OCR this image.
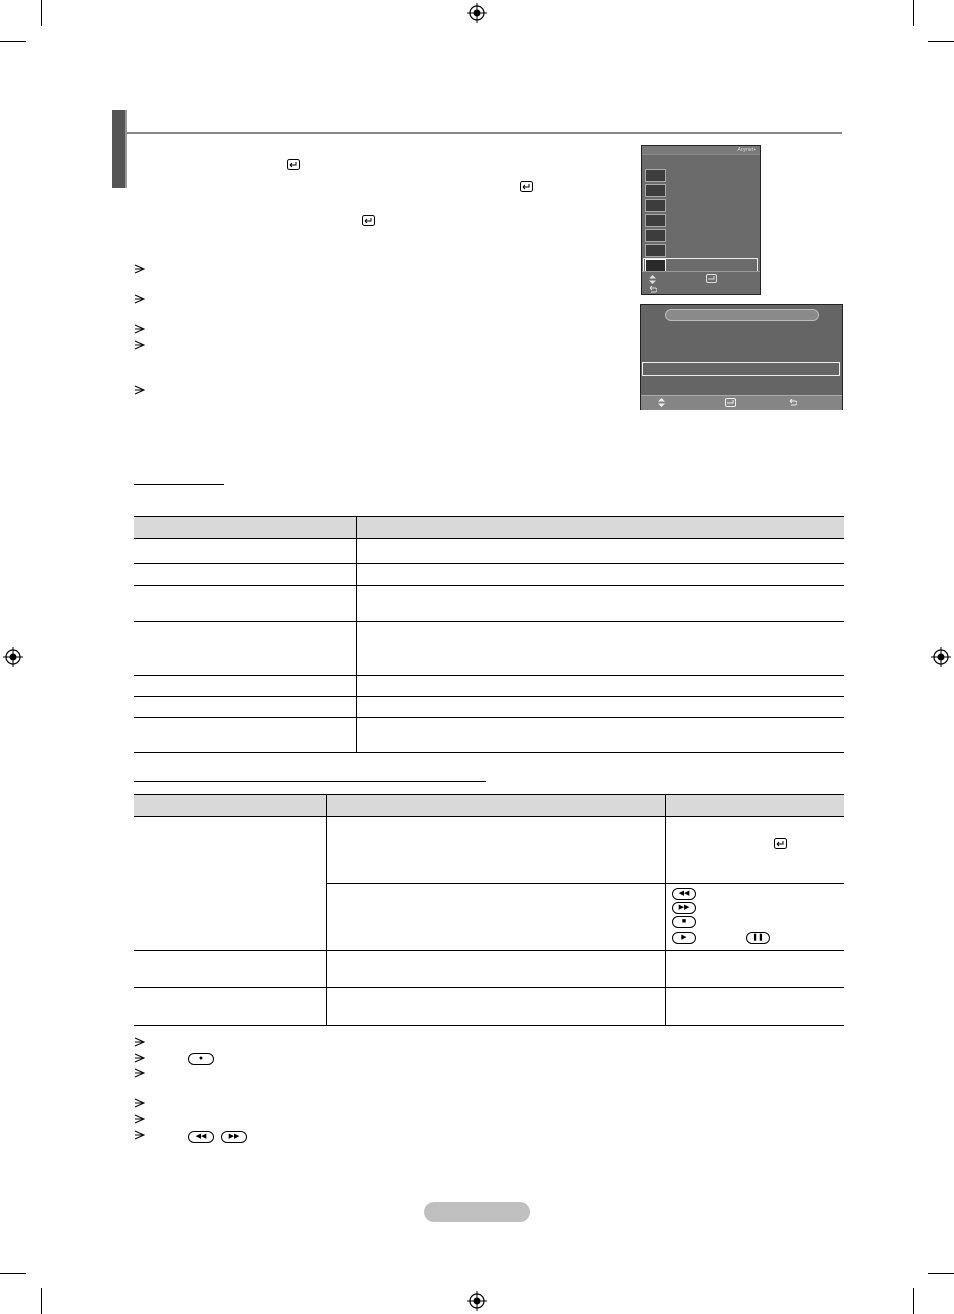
Anynet+
◀◀
▶▶
■
▶	❚❚
●
◀◀	▶▶
